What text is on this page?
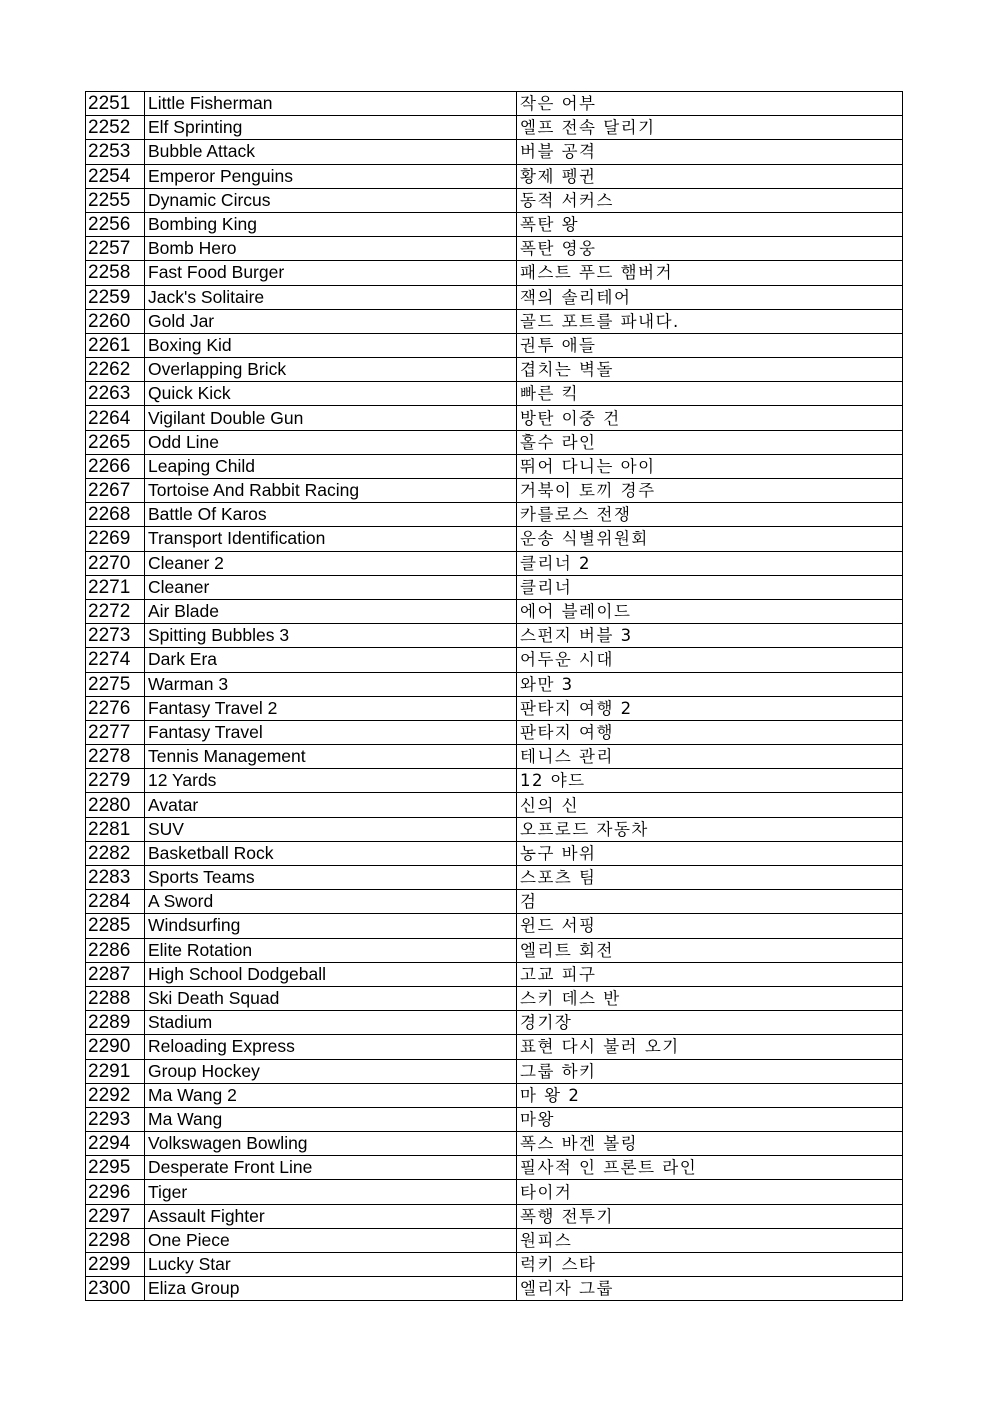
2251	Little Fisherman	작은 어부
2252	Elf Sprinting	엘프 전속 달리기
2253	Bubble Attack	버블 공격
2254	Emperor Penguins	황제 펭귄
2255	Dynamic Circus	동적 서커스
2256	Bombing King	폭탄 왕
2257	Bomb Hero	폭탄 영웅
2258	Fast Food Burger	패스트 푸드 햄버거
2259	Jack's Solitaire	잭의 솔리테어
2260	Gold Jar	골드 포트를 파내다.
2261	Boxing Kid	권투 애들
2262	Overlapping Brick	겹치는 벽돌
2263	Quick Kick	빠른 킥
2264	Vigilant Double Gun	방탄 이중 건
2265	Odd Line	홀수 라인
2266	Leaping Child	뛰어 다니는 아이
2267	Tortoise And Rabbit Racing	거북이 토끼 경주
2268	Battle Of Karos	카를로스 전쟁
2269	Transport Identification	운송 식별위원회
2270	Cleaner 2	클리너 2
2271	Cleaner	클리너
2272	Air Blade	에어 블레이드
2273	Spitting Bubbles 3	스펀지 버블 3
2274	Dark Era	어두운 시대
2275	Warman 3	와만 3
2276	Fantasy Travel 2	판타지 여행 2
2277	Fantasy Travel	판타지 여행
2278	Tennis Management	테니스 관리
2279	12 Yards	12 야드
2280	Avatar	신의 신
2281	SUV	오프로드 자동차
2282	Basketball Rock	농구 바위
2283	Sports Teams	스포츠 팀
2284	A Sword	검
2285	Windsurfing	윈드 서핑
2286	Elite Rotation	엘리트 회전
2287	High School Dodgeball	고교 피구
2288	Ski Death Squad	스키 데스 반
2289	Stadium	경기장
2290	Reloading Express	표현 다시 불러 오기
2291	Group Hockey	그룹 하키
2292	Ma Wang 2	마 왕 2
2293	Ma Wang	마왕
2294	Volkswagen Bowling	폭스 바겐 볼링
2295	Desperate Front Line	필사적 인 프론트 라인
2296	Tiger	타이거
2297	Assault Fighter	폭행 전투기
2298	One Piece	원피스
2299	Lucky Star	럭키 스타
2300	Eliza Group	엘리자 그룹
